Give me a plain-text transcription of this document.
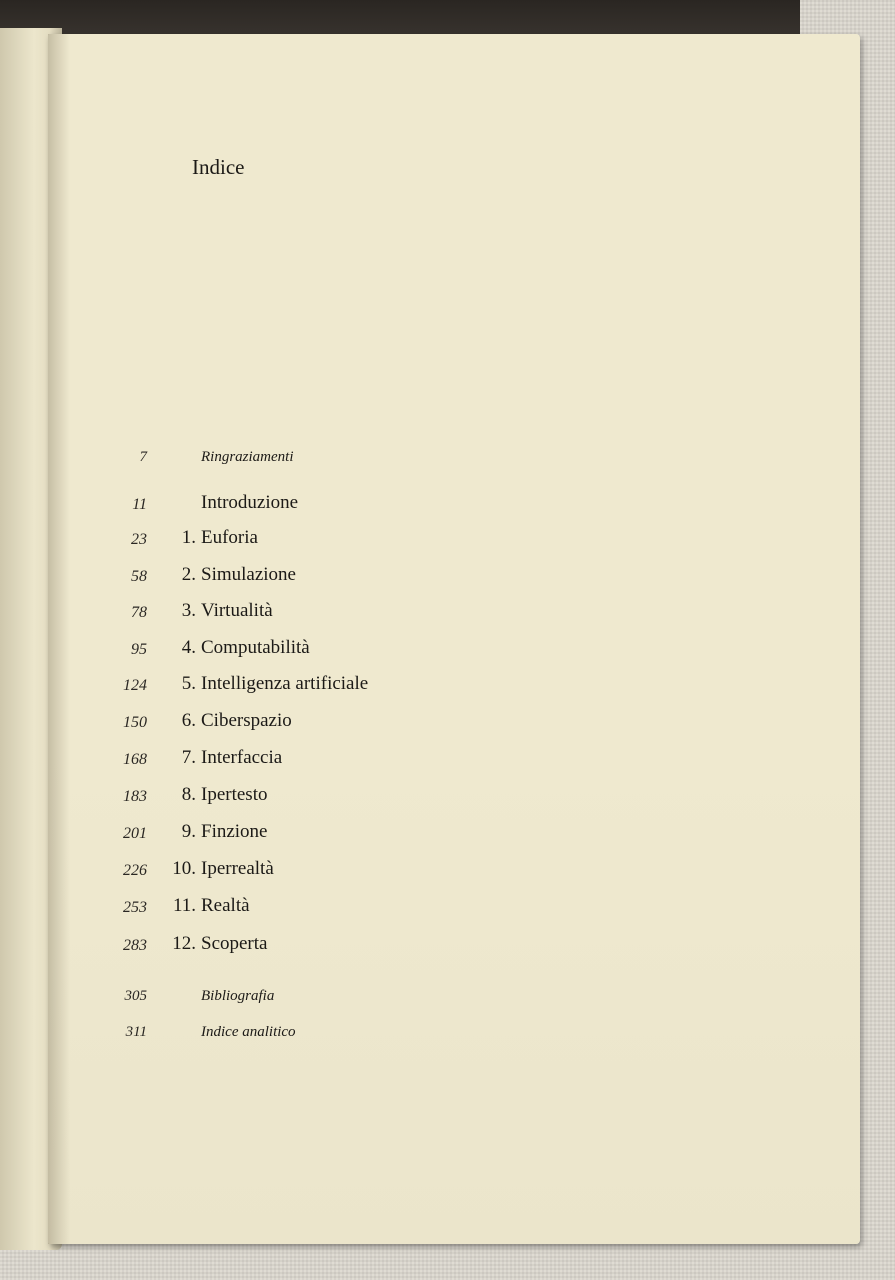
Indice
7	Ringraziamenti
11	Introduzione
23	1. Euforia
58	2. Simulazione
78	3. Virtualità
95	4. Computabilità
124	5. Intelligenza artificiale
150	6. Ciberspazio
168	7. Interfaccia
183	8. Ipertesto
201	9. Finzione
226	10. Iperrealtà
253	11. Realtà
283	12. Scoperta
305	Bibliografia
311	Indice analitico
